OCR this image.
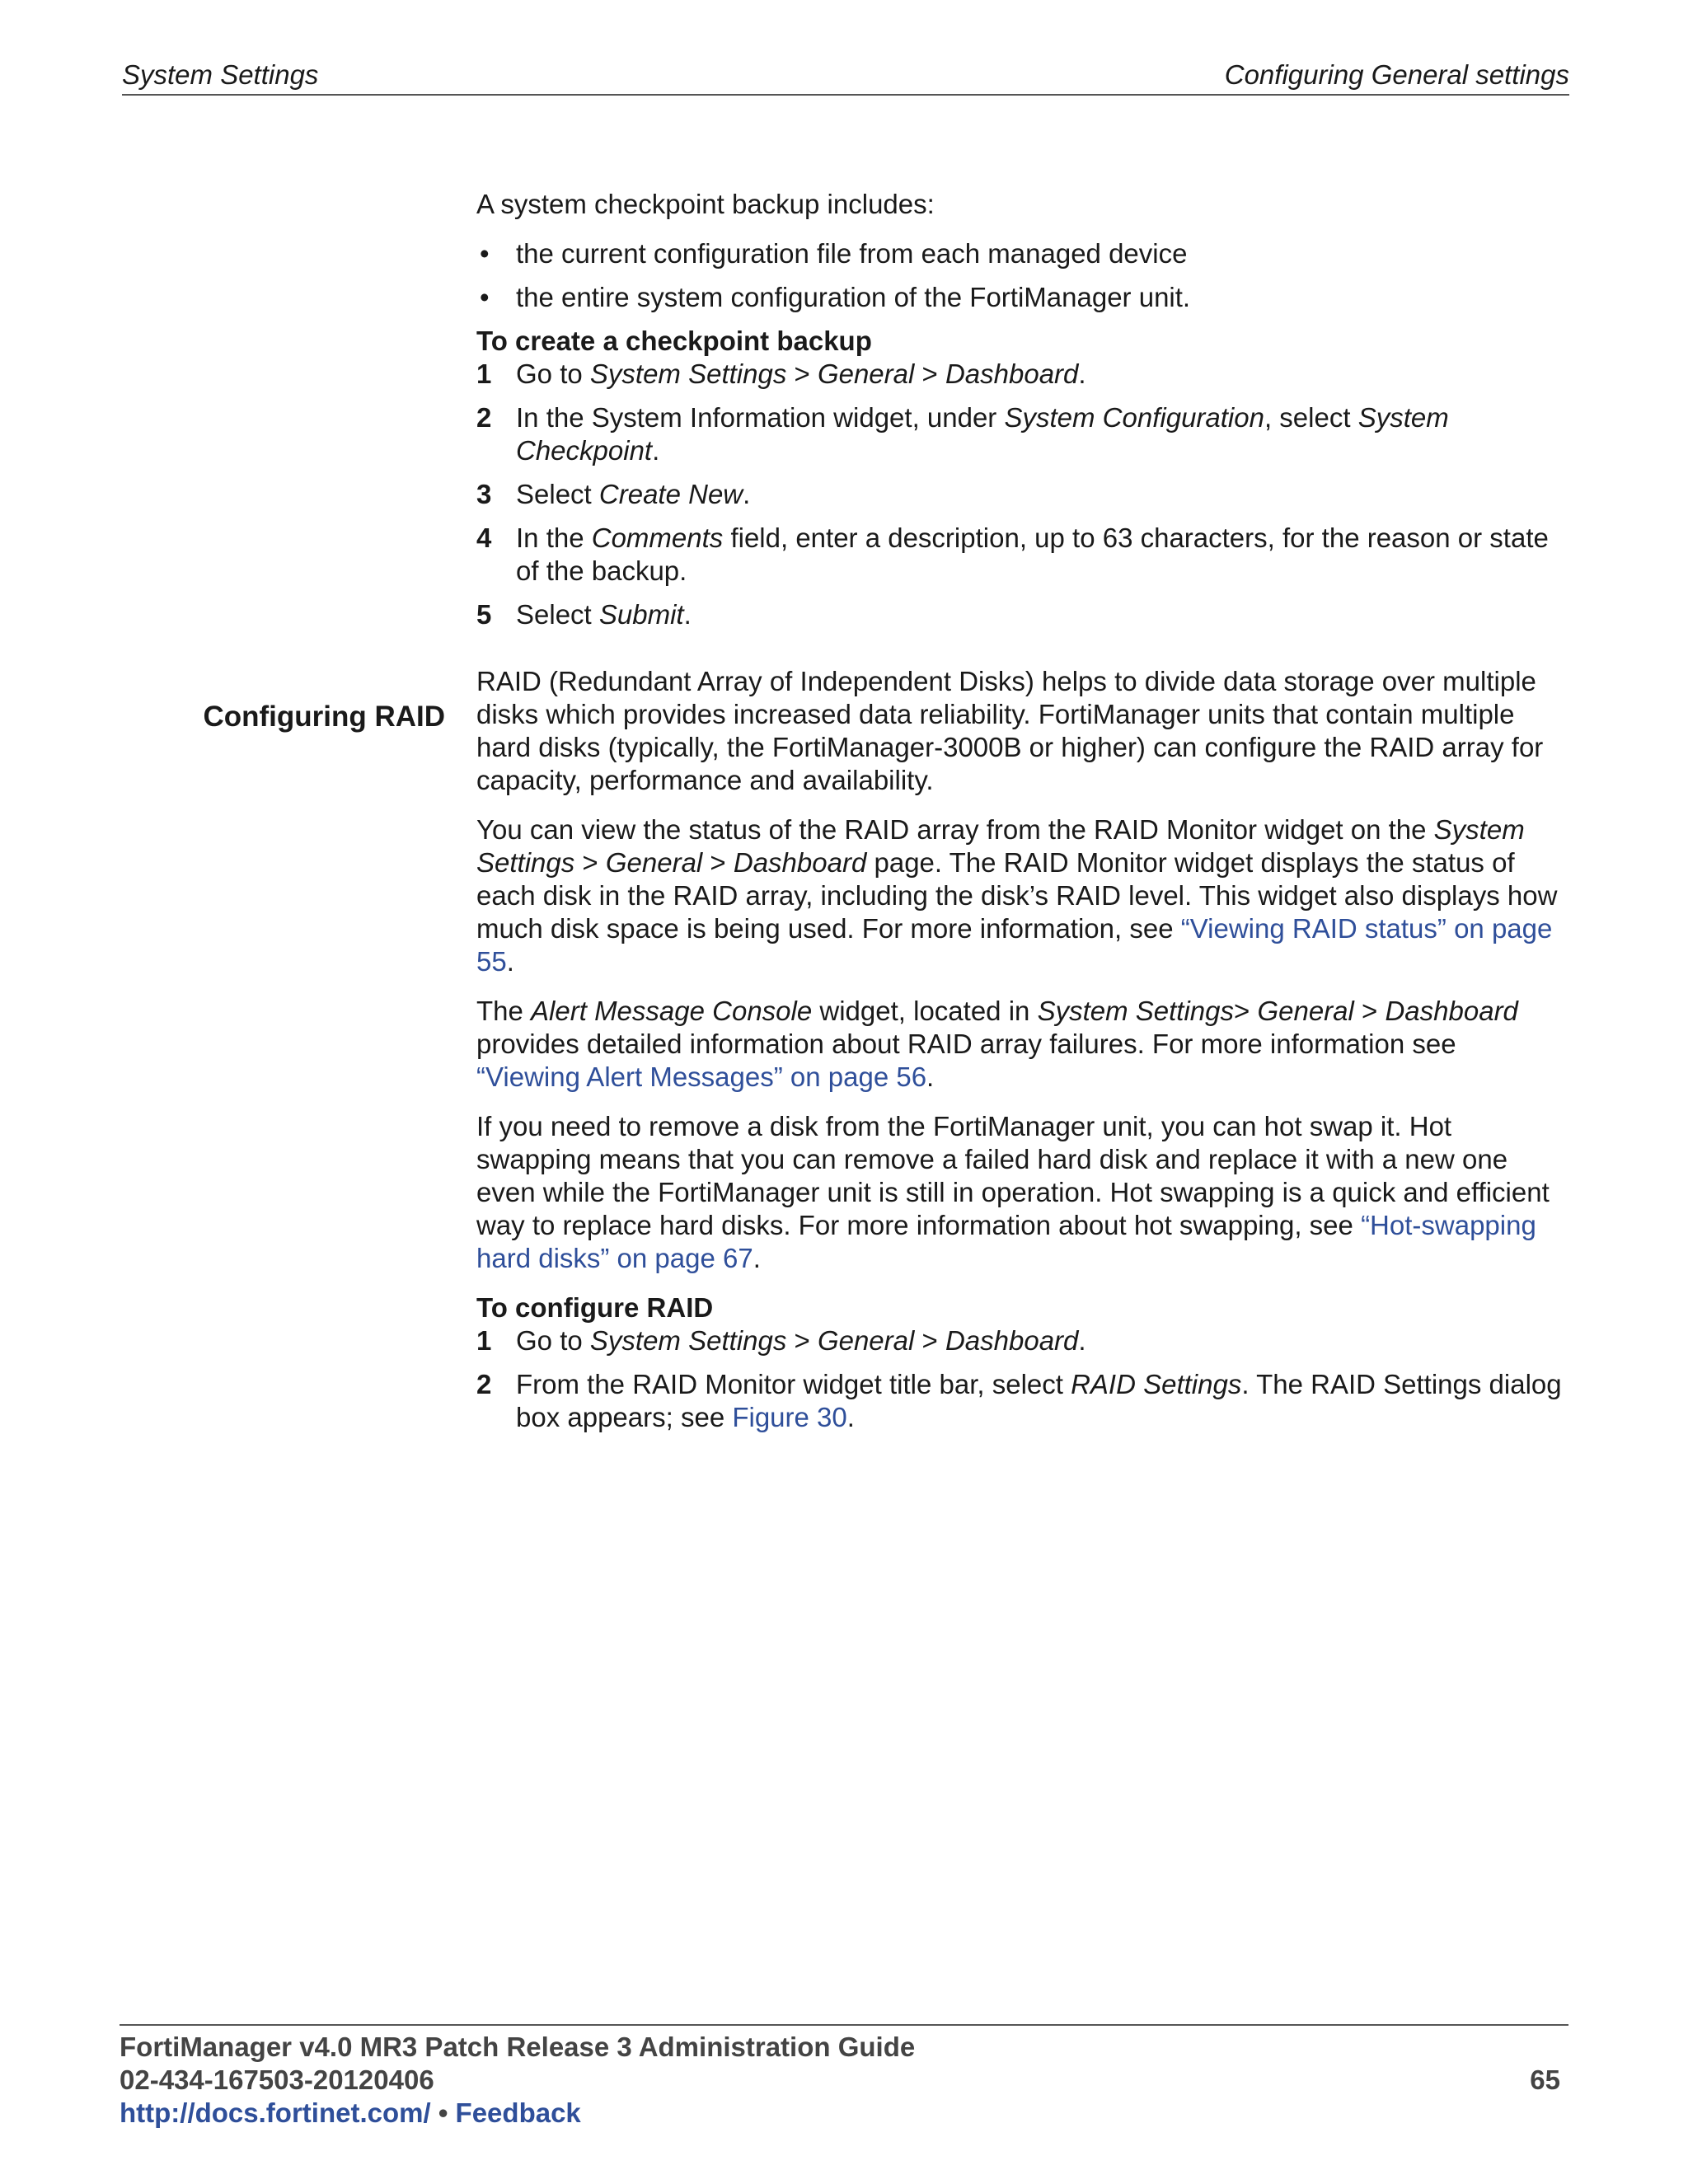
System Settings	Configuring General settings

A system checkpoint backup includes:

• the current configuration file from each managed device
• the entire system configuration of the FortiManager unit.

To create a checkpoint backup

1 Go to System Settings > General > Dashboard.
2 In the System Information widget, under System Configuration, select System Checkpoint.
3 Select Create New.
4 In the Comments field, enter a description, up to 63 characters, for the reason or state of the backup.
5 Select Submit.

RAID (Redundant Array of Independent Disks) helps to divide data storage over multiple disks which provides increased data reliability. FortiManager units that contain multiple hard disks (typically, the FortiManager-3000B or higher) can configure the RAID array for capacity, performance and availability.

You can view the status of the RAID array from the RAID Monitor widget on the System Settings > General > Dashboard page. The RAID Monitor widget displays the status of each disk in the RAID array, including the disk’s RAID level. This widget also displays how much disk space is being used. For more information, see “Viewing RAID status” on page 55.

The Alert Message Console widget, located in System Settings> General > Dashboard provides detailed information about RAID array failures. For more information see “Viewing Alert Messages” on page 56.

If you need to remove a disk from the FortiManager unit, you can hot swap it. Hot swapping means that you can remove a failed hard disk and replace it with a new one even while the FortiManager unit is still in operation. Hot swapping is a quick and efficient way to replace hard disks. For more information about hot swapping, see “Hot-swapping hard disks” on page 67.

To configure RAID

1 Go to System Settings > General > Dashboard.
2 From the RAID Monitor widget title bar, select RAID Settings. The RAID Settings dialog box appears; see Figure 30.
Configuring RAID
FortiManager v4.0 MR3 Patch Release 3 Administration Guide
02-434-167503-20120406	65
http://docs.fortinet.com/ • Feedback
